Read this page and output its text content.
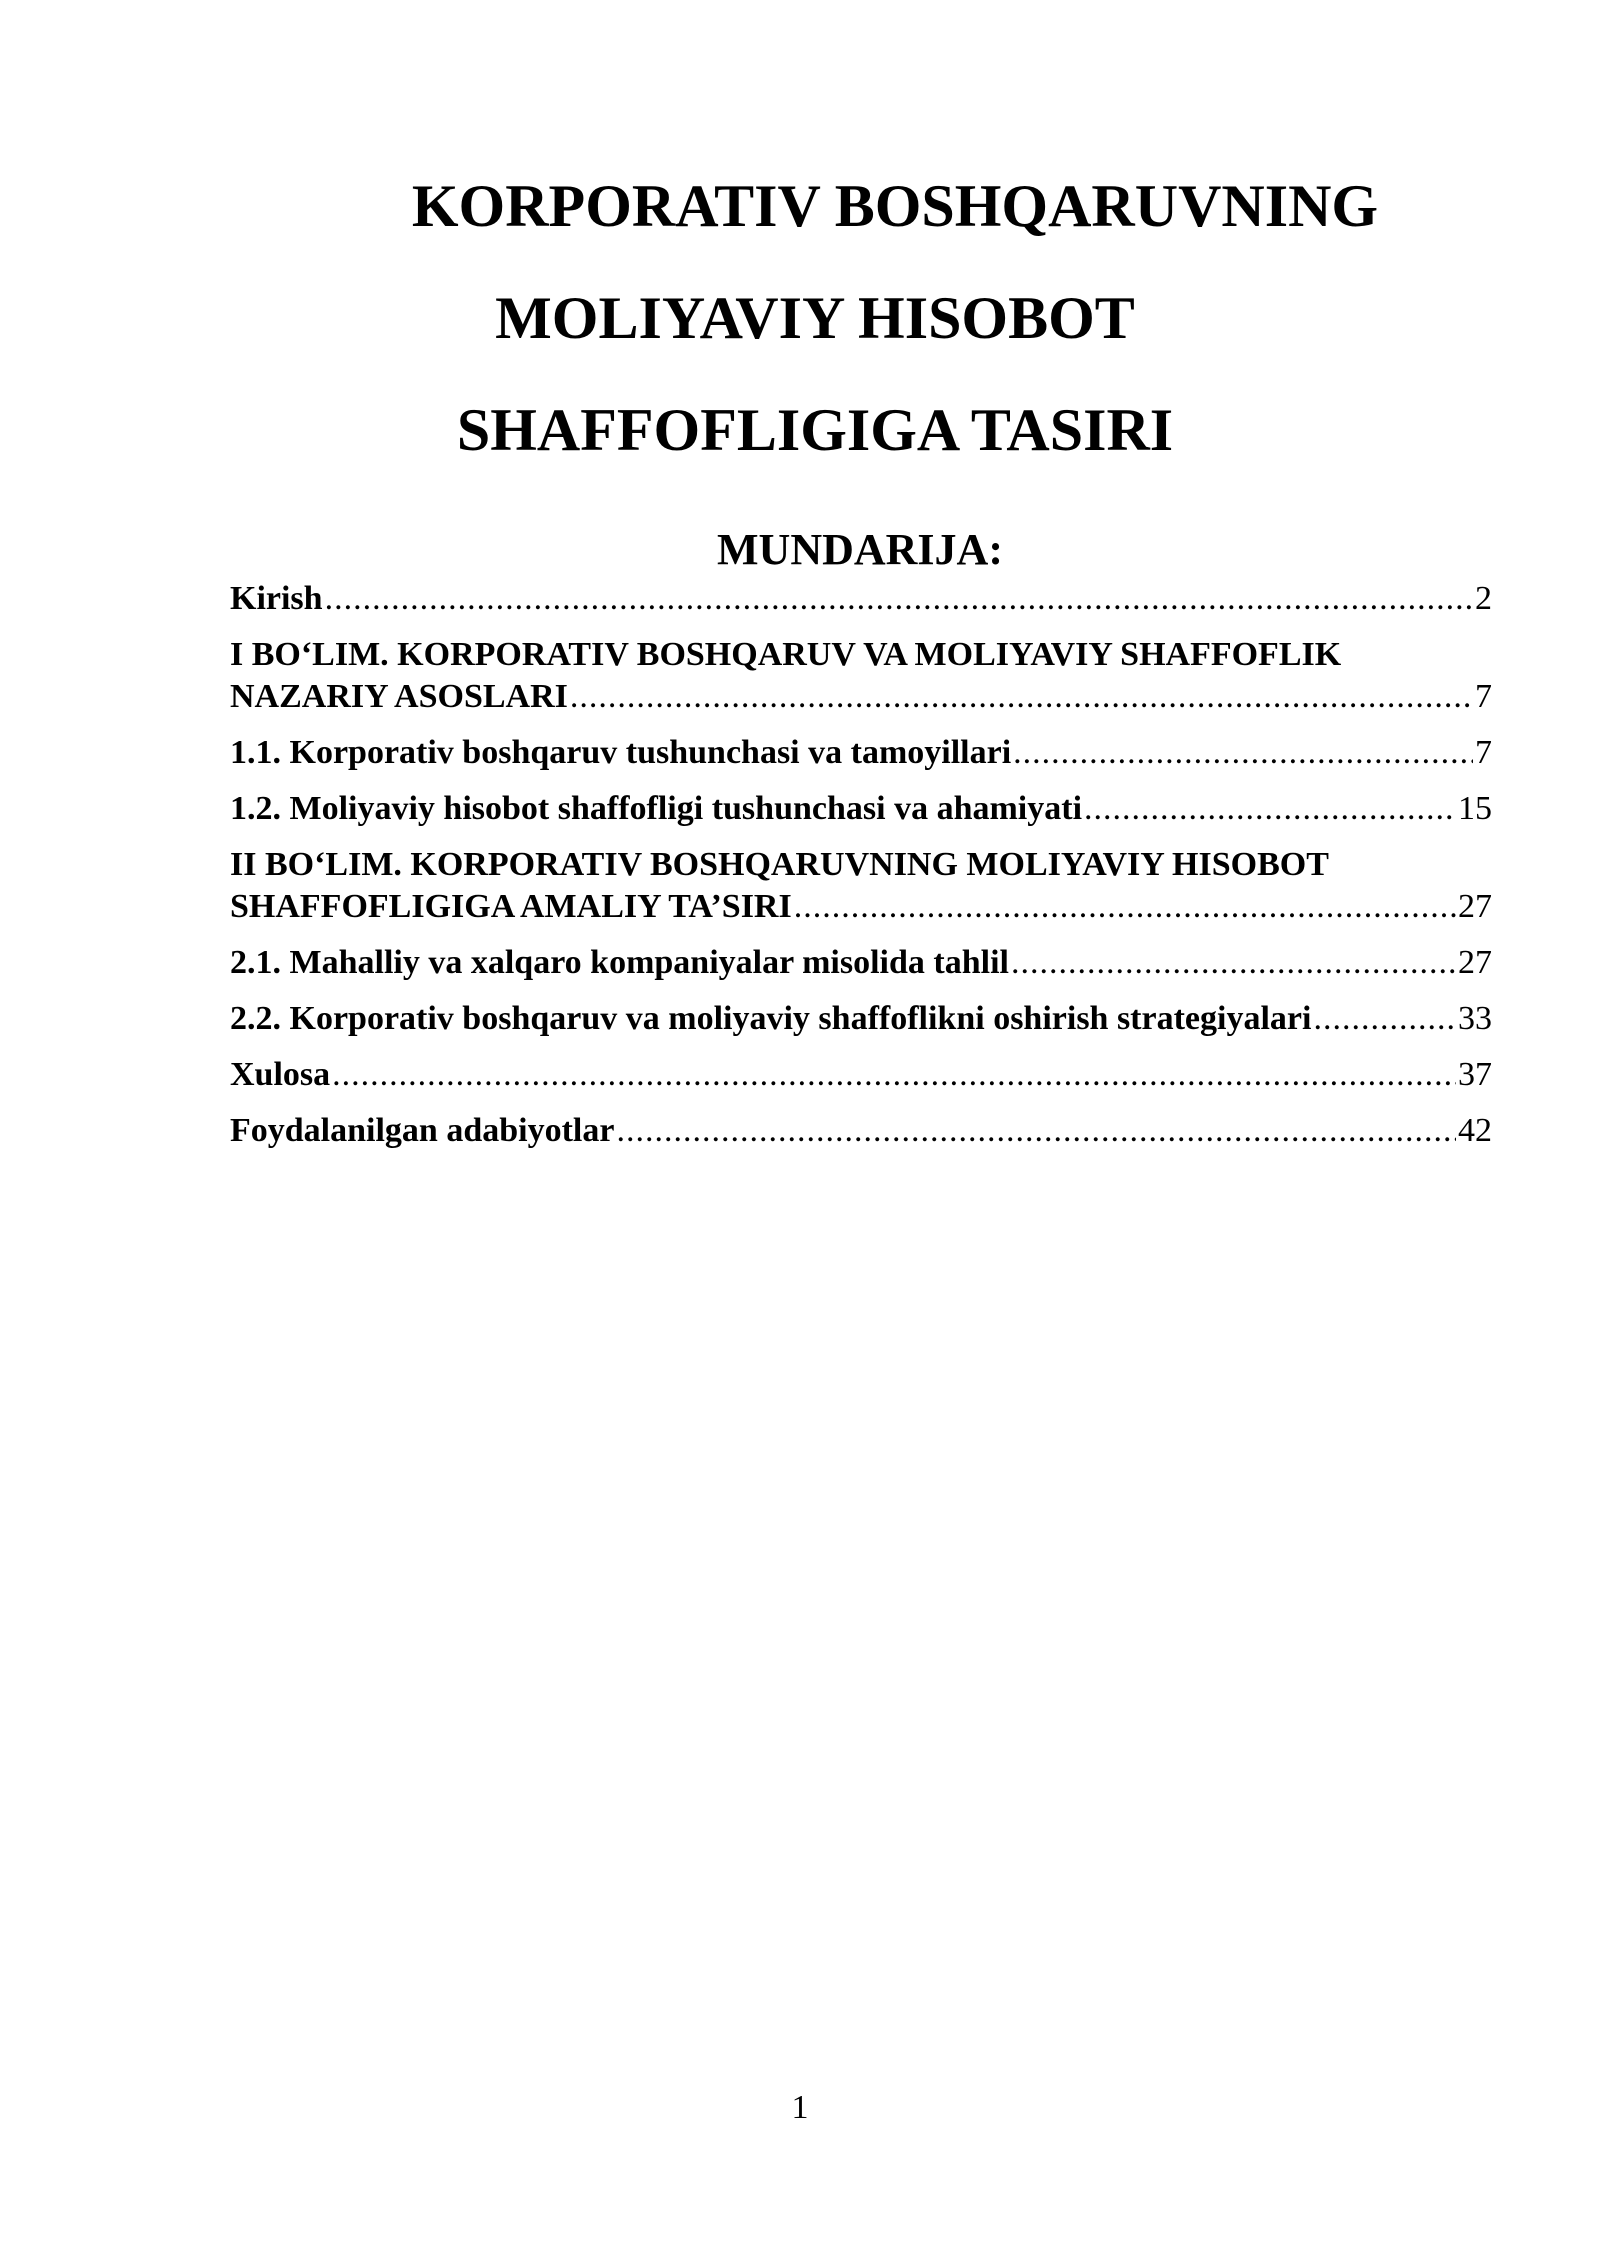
KORPORATIV BOSHQARUVNING
MOLIYAVIY HISOBOT
SHAFFOFLIGIGA TASIRI
MUNDARIJA:
Kirish .....	2
I BO‘LIM. KORPORATIV BOSHQARUV VA MOLIYAVIY SHAFFOFLIK
NAZARIY ASOSLARI .....	7
1.1. Korporativ boshqaruv tushunchasi va tamoyillari .....	7
1.2. Moliyaviy hisobot shaffofligi tushunchasi va ahamiyati .....	15
II BO‘LIM. KORPORATIV BOSHQARUVNING MOLIYAVIY HISOBOT
SHAFFOFLIGIGA AMALIY TA’SIRI .....	27
2.1. Mahalliy va xalqaro kompaniyalar misolida tahlil .....	27
2.2. Korporativ boshqaruv va moliyaviy shaffoflikni oshirish strategiyalari .....	33
Xulosa .....	37
Foydalanilgan adabiyotlar .....	42
1
